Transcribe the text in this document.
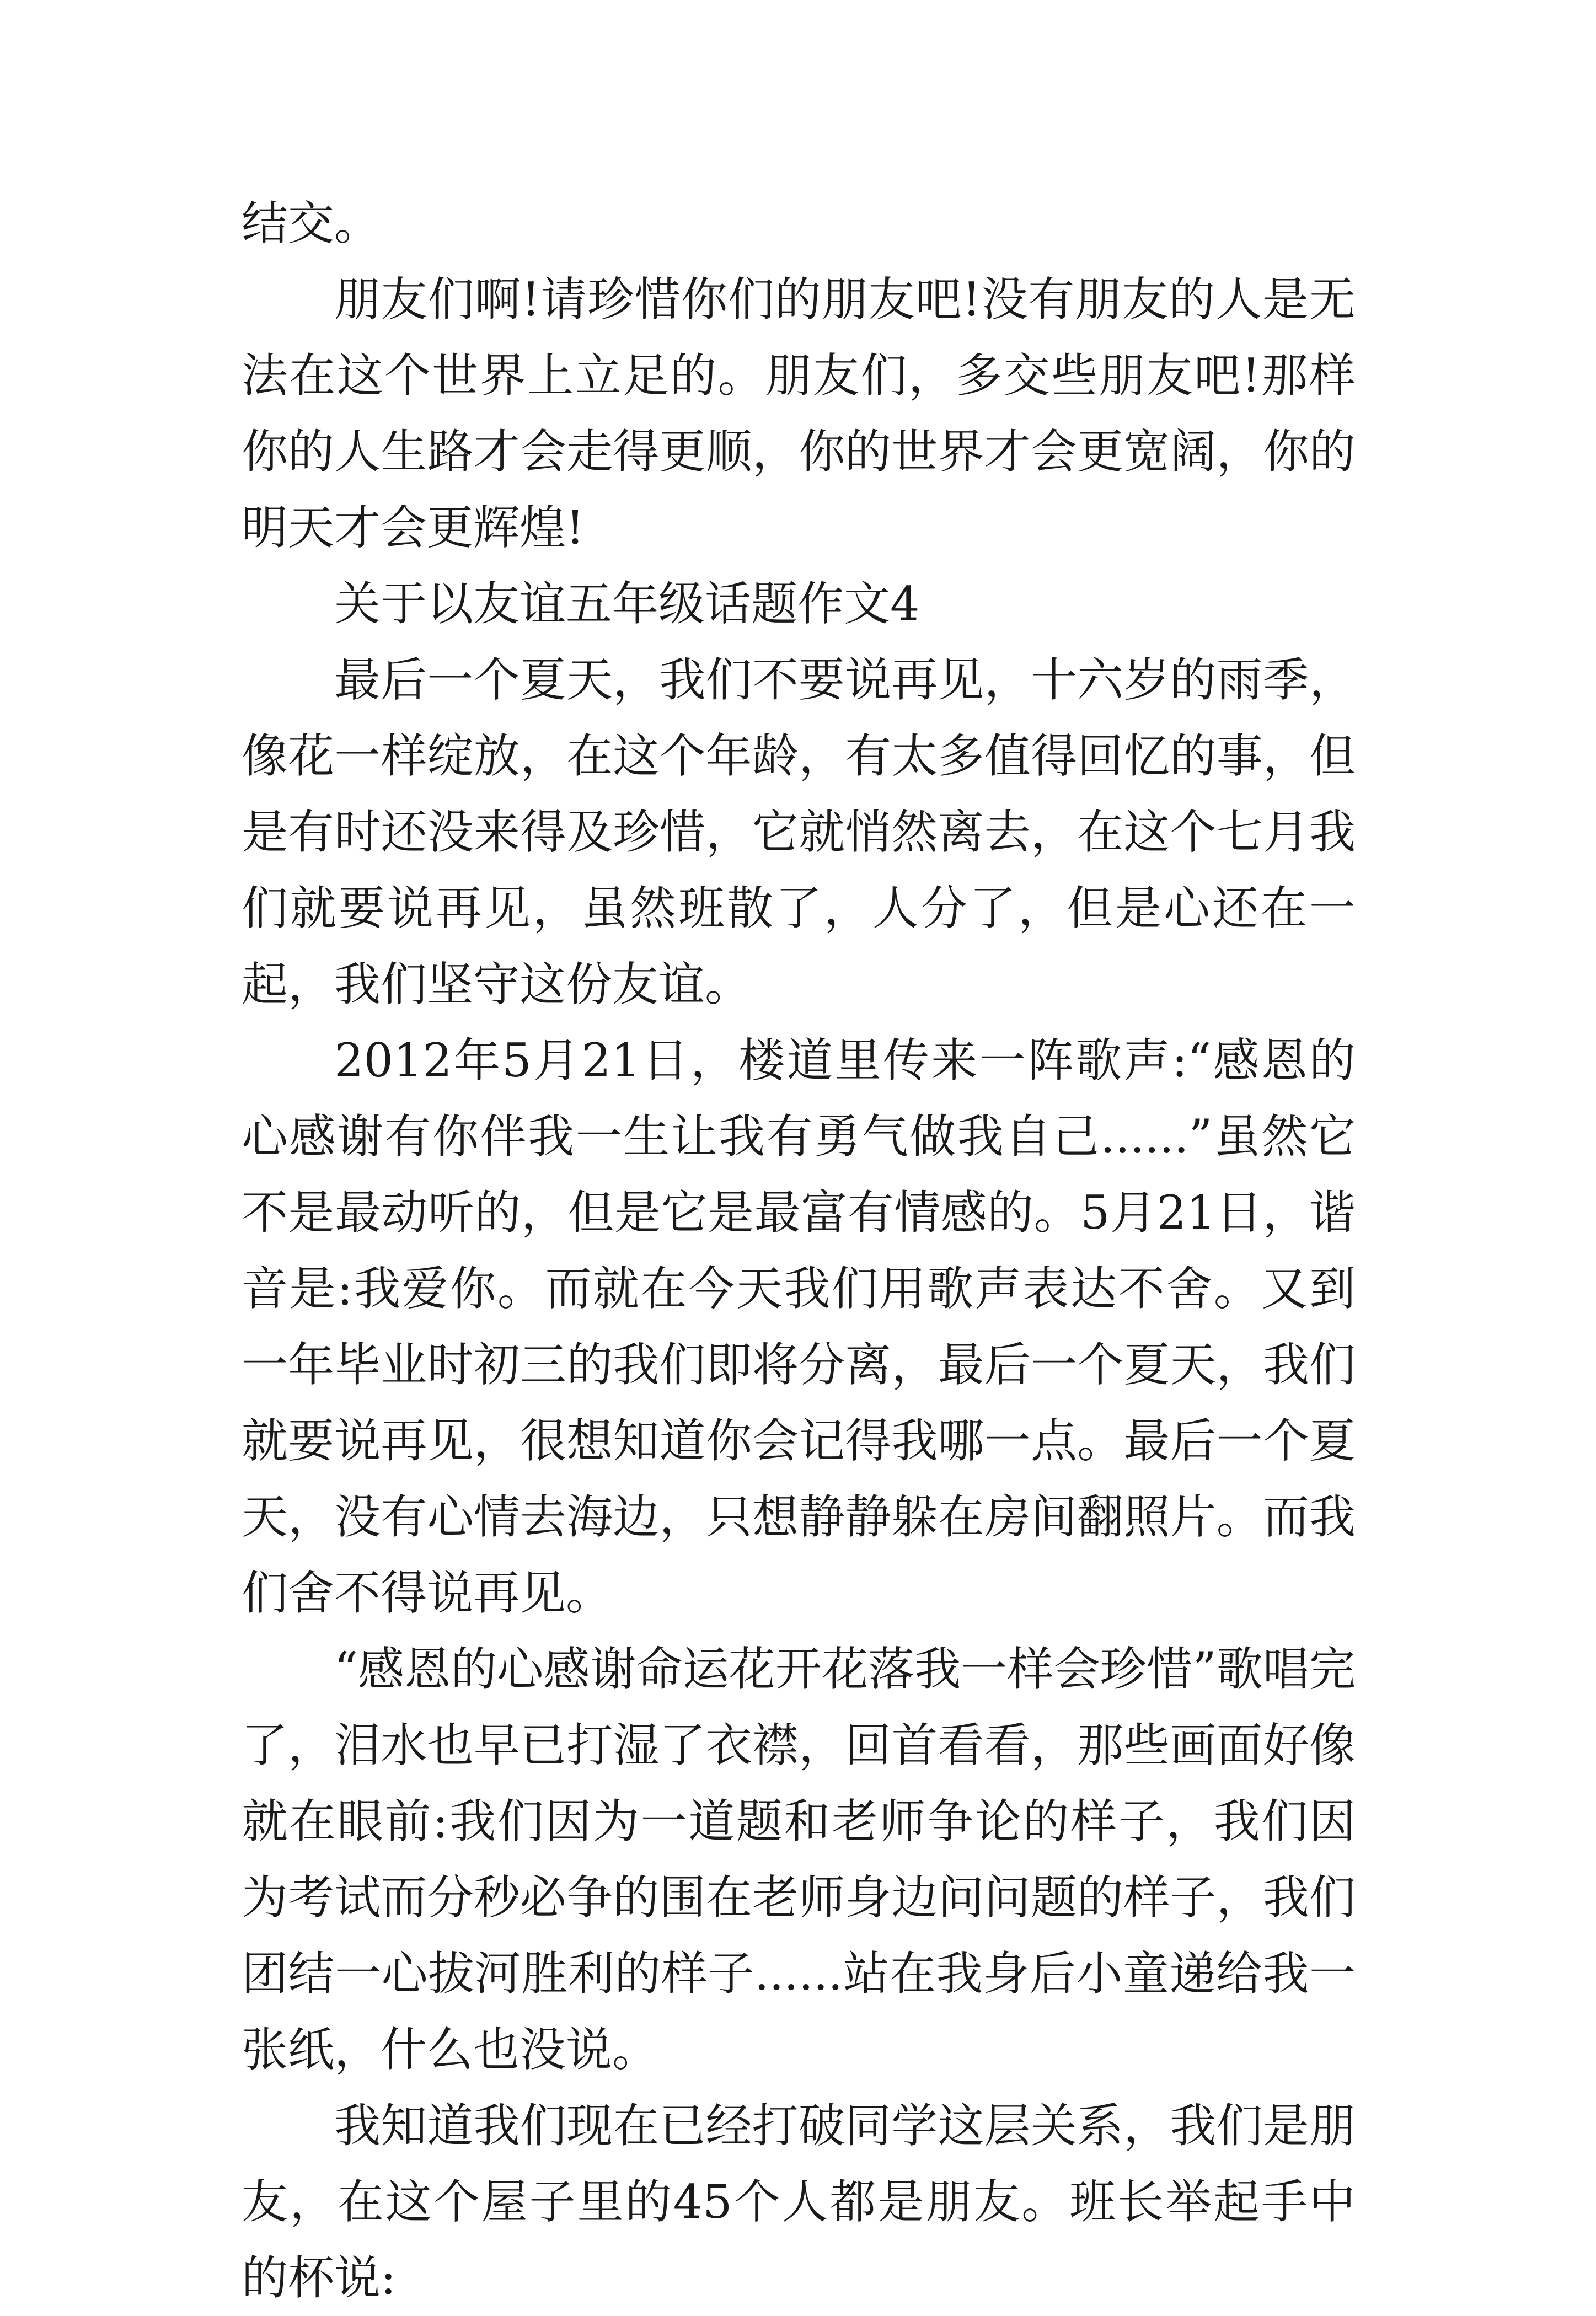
结交。

朋友们啊!请珍惜你们的朋友吧!没有朋友的人是无法在这个世界上立足的。朋友们，多交些朋友吧!那样你的人生路才会走得更顺，你的世界才会更宽阔，你的明天才会更辉煌!

关于以友谊五年级话题作文4

最后一个夏天，我们不要说再见，十六岁的雨季，像花一样绽放，在这个年龄，有太多值得回忆的事，但是有时还没来得及珍惜，它就悄然离去，在这个七月我们就要说再见，虽然班散了，人分了，但是心还在一起，我们坚守这份友谊。

2012年5月21日，楼道里传来一阵歌声:“感恩的心感谢有你伴我一生让我有勇气做我自己......”虽然它不是最动听的，但是它是最富有情感的。5月21日，谐音是:我爱你。而就在今天我们用歌声表达不舍。又到一年毕业时初三的我们即将分离，最后一个夏天，我们就要说再见，很想知道你会记得我哪一点。最后一个夏天，没有心情去海边，只想静静躲在房间翻照片。而我们舍不得说再见。

“感恩的心感谢命运花开花落我一样会珍惜”歌唱完了，泪水也早已打湿了衣襟，回首看看，那些画面好像就在眼前:我们因为一道题和老师争论的样子，我们因为考试而分秒必争的围在老师身边问问题的样子，我们团结一心拔河胜利的样子......站在我身后小童递给我一张纸，什么也没说。

我知道我们现在已经打破同学这层关系，我们是朋友，在这个屋子里的45个人都是朋友。班长举起手中的杯说:
